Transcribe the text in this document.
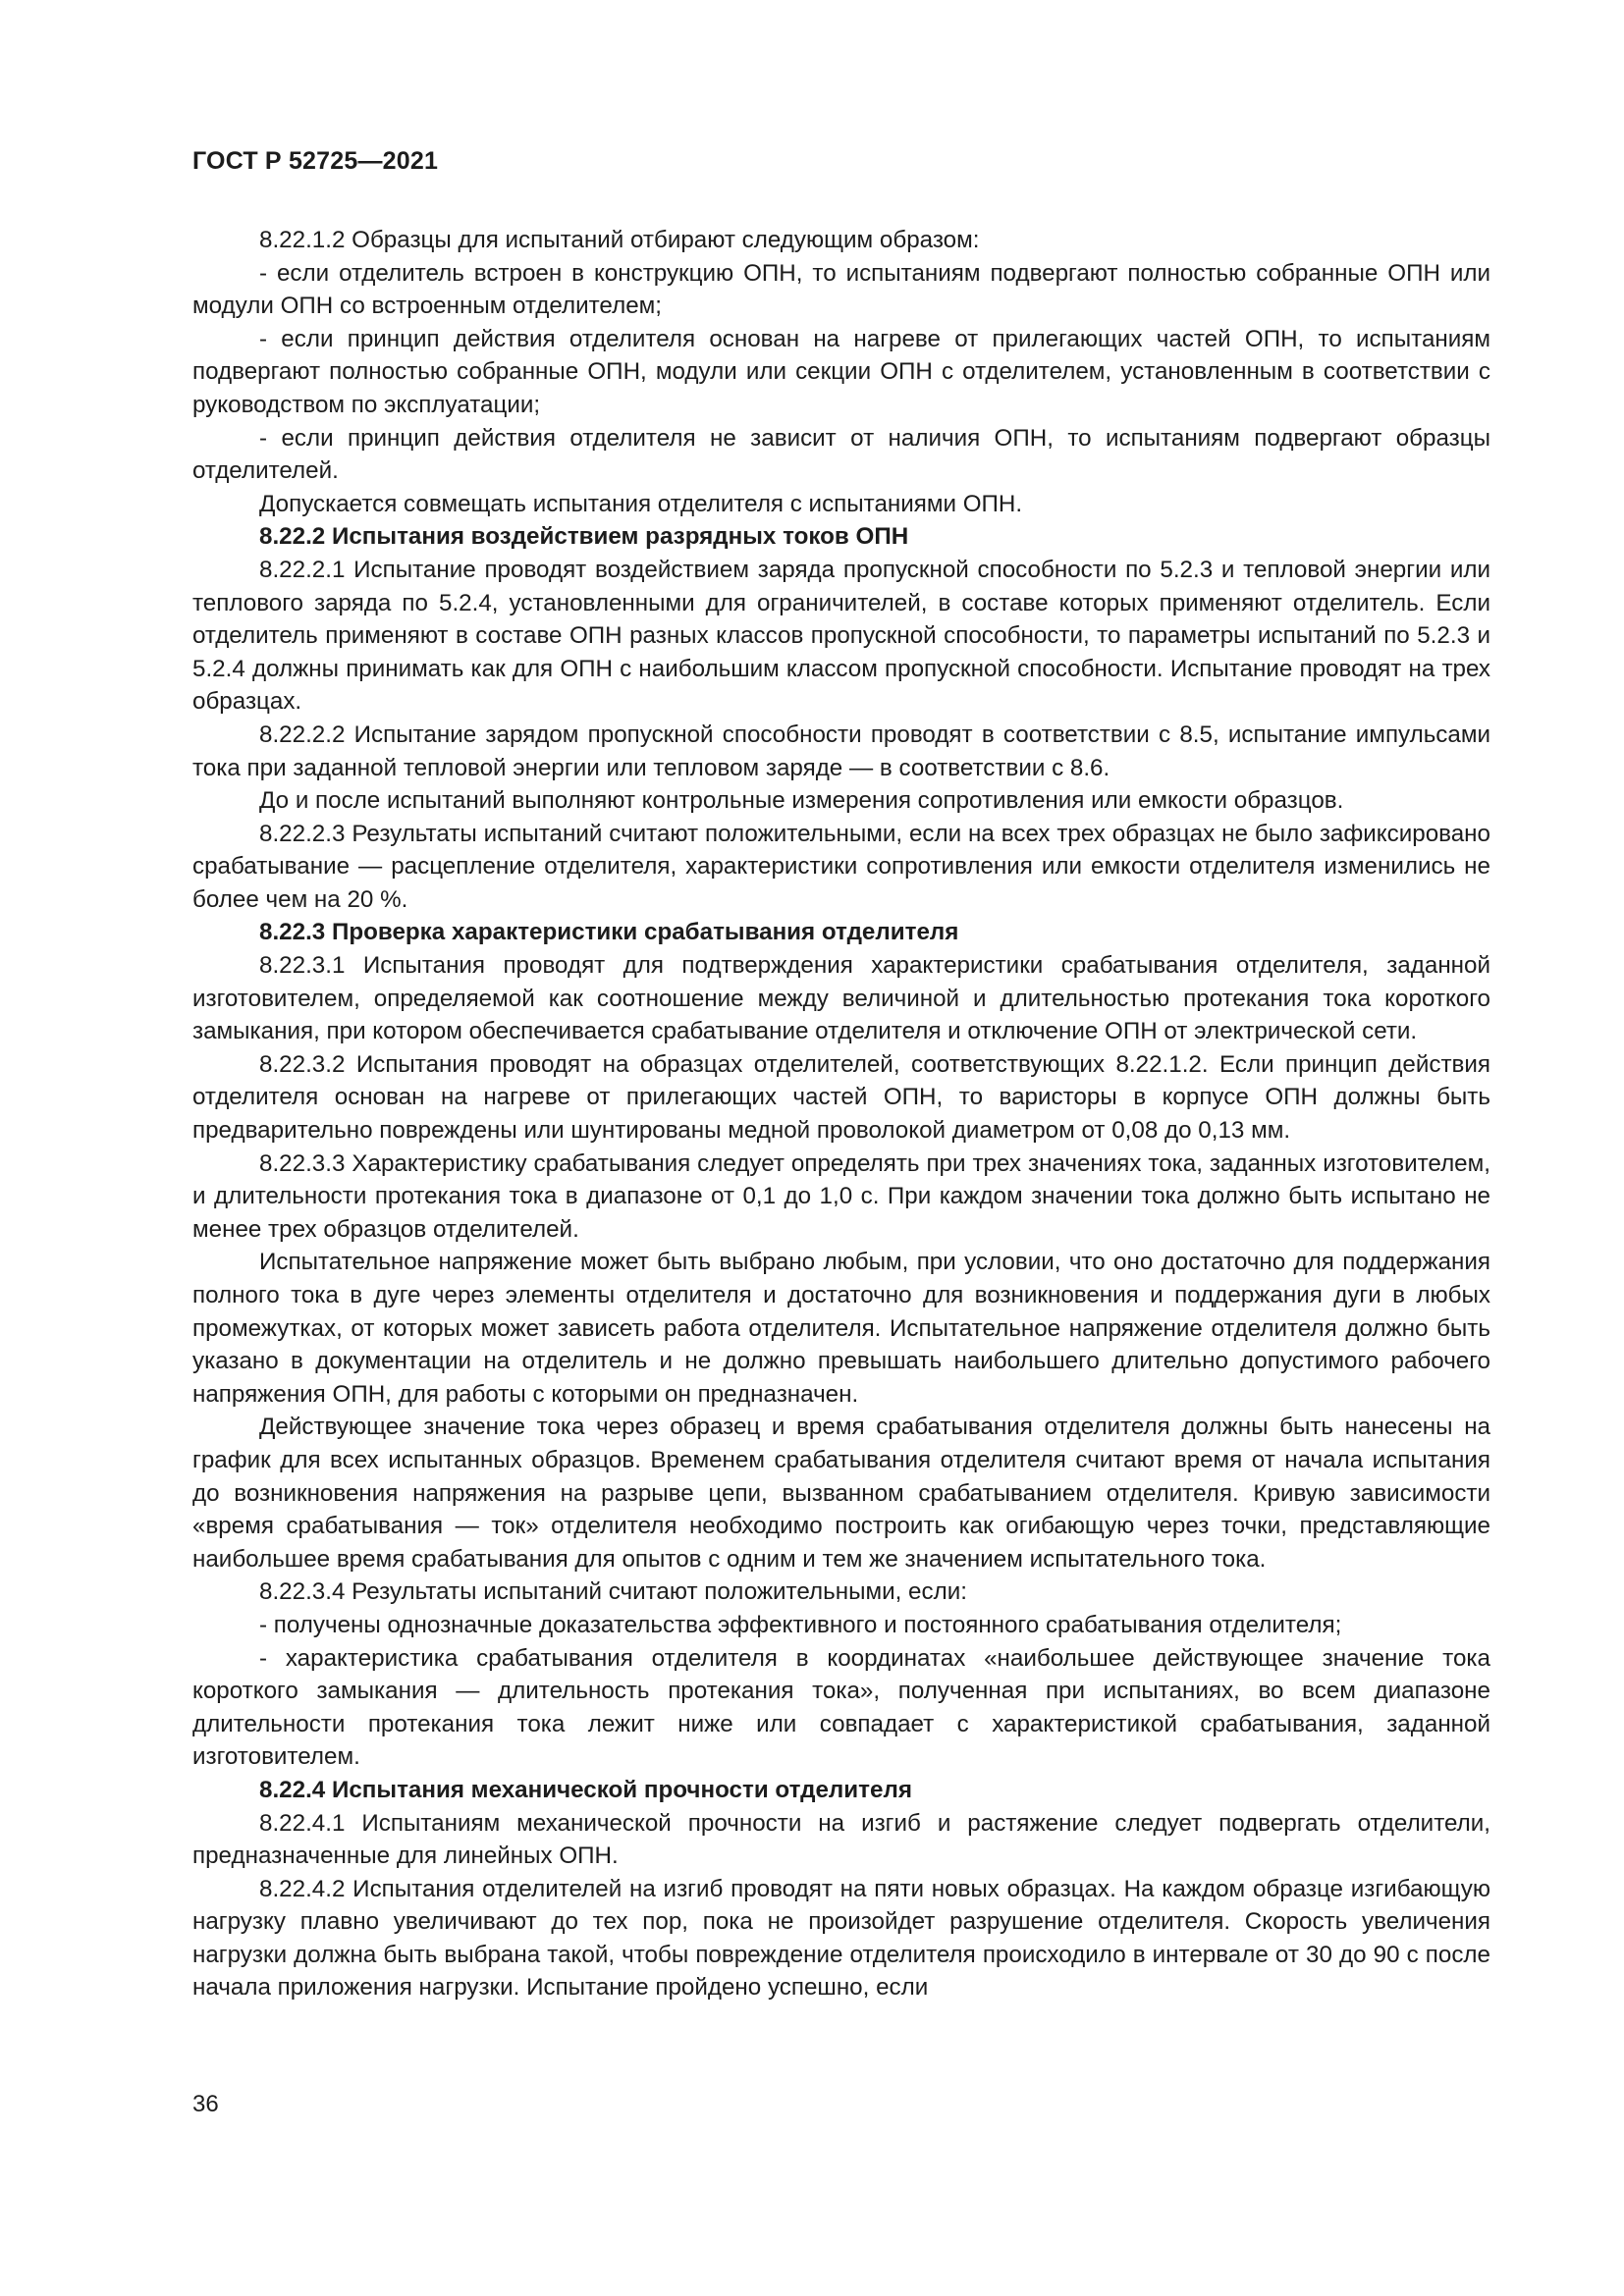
ГОСТ Р 52725—2021

8.22.1.2 Образцы для испытаний отбирают следующим образом:

- если отделитель встроен в конструкцию ОПН, то испытаниям подвергают полностью собранные ОПН или модули ОПН со встроенным отделителем;

- если принцип действия отделителя основан на нагреве от прилегающих частей ОПН, то испытаниям подвергают полностью собранные ОПН, модули или секции ОПН с отделителем, установленным в соответствии с руководством по эксплуатации;

- если принцип действия отделителя не зависит от наличия ОПН, то испытаниям подвергают образцы отделителей.

Допускается совмещать испытания отделителя с испытаниями ОПН.

8.22.2 Испытания воздействием разрядных токов ОПН

8.22.2.1 Испытание проводят воздействием заряда пропускной способности по 5.2.3 и тепловой энергии или теплового заряда по 5.2.4, установленными для ограничителей, в составе которых применяют отделитель. Если отделитель применяют в составе ОПН разных классов пропускной способности, то параметры испытаний по 5.2.3 и 5.2.4 должны принимать как для ОПН с наибольшим классом пропускной способности. Испытание проводят на трех образцах.

8.22.2.2 Испытание зарядом пропускной способности проводят в соответствии с 8.5, испытание импульсами тока при заданной тепловой энергии или тепловом заряде — в соответствии с 8.6.

До и после испытаний выполняют контрольные измерения сопротивления или емкости образцов.

8.22.2.3 Результаты испытаний считают положительными, если на всех трех образцах не было зафиксировано срабатывание — расцепление отделителя, характеристики сопротивления или емкости отделителя изменились не более чем на 20 %.

8.22.3 Проверка характеристики срабатывания отделителя

8.22.3.1 Испытания проводят для подтверждения характеристики срабатывания отделителя, заданной изготовителем, определяемой как соотношение между величиной и длительностью протекания тока короткого замыкания, при котором обеспечивается срабатывание отделителя и отключение ОПН от электрической сети.

8.22.3.2 Испытания проводят на образцах отделителей, соответствующих 8.22.1.2. Если принцип действия отделителя основан на нагреве от прилегающих частей ОПН, то варисторы в корпусе ОПН должны быть предварительно повреждены или шунтированы медной проволокой диаметром от 0,08 до 0,13 мм.

8.22.3.3 Характеристику срабатывания следует определять при трех значениях тока, заданных изготовителем, и длительности протекания тока в диапазоне от 0,1 до 1,0 с. При каждом значении тока должно быть испытано не менее трех образцов отделителей.

Испытательное напряжение может быть выбрано любым, при условии, что оно достаточно для поддержания полного тока в дуге через элементы отделителя и достаточно для возникновения и поддержания дуги в любых промежутках, от которых может зависеть работа отделителя. Испытательное напряжение отделителя должно быть указано в документации на отделитель и не должно превышать наибольшего длительно допустимого рабочего напряжения ОПН, для работы с которыми он предназначен.

Действующее значение тока через образец и время срабатывания отделителя должны быть нанесены на график для всех испытанных образцов. Временем срабатывания отделителя считают время от начала испытания до возникновения напряжения на разрыве цепи, вызванном срабатыванием отделителя. Кривую зависимости «время срабатывания — ток» отделителя необходимо построить как огибающую через точки, представляющие наибольшее время срабатывания для опытов с одним и тем же значением испытательного тока.

8.22.3.4 Результаты испытаний считают положительными, если:

- получены однозначные доказательства эффективного и постоянного срабатывания отделителя;

- характеристика срабатывания отделителя в координатах «наибольшее действующее значение тока короткого замыкания — длительность протекания тока», полученная при испытаниях, во всем диапазоне длительности протекания тока лежит ниже или совпадает с характеристикой срабатывания, заданной изготовителем.

8.22.4 Испытания механической прочности отделителя

8.22.4.1 Испытаниям механической прочности на изгиб и растяжение следует подвергать отделители, предназначенные для линейных ОПН.

8.22.4.2 Испытания отделителей на изгиб проводят на пяти новых образцах. На каждом образце изгибающую нагрузку плавно увеличивают до тех пор, пока не произойдет разрушение отделителя. Скорость увеличения нагрузки должна быть выбрана такой, чтобы повреждение отделителя происходило в интервале от 30 до 90 с после начала приложения нагрузки. Испытание пройдено успешно, если

36
